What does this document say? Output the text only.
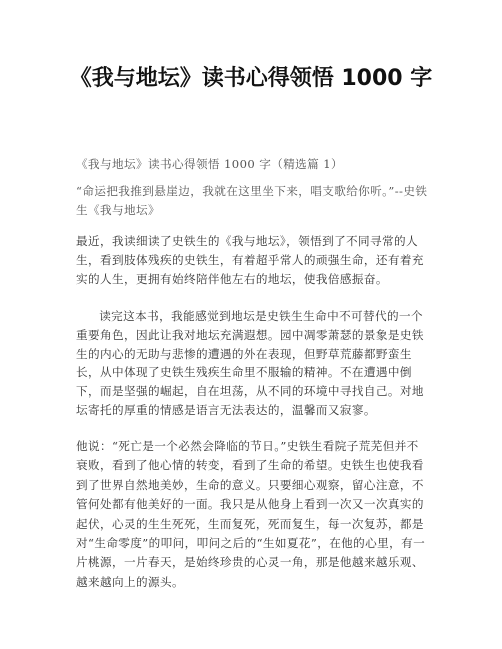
《我与地坛》读书心得领悟 1000 字
《我与地坛》读书心得领悟 1000 字（精选篇 1）
“命运把我推到悬崖边，我就在这里坐下来，唱支歌给你听。”--史铁生《我与地坛》
最近，我读细读了史铁生的《我与地坛》，领悟到了不同寻常的人生，看到肢体残疾的史铁生，有着超乎常人的顽强生命，还有着充实的人生，更拥有始终陪伴他左右的地坛，使我倍感振奋。
读完这本书，我能感觉到地坛是史铁生生命中不可替代的一个重要角色，因此让我对地坛充满遐想。园中凋零萧瑟的景象是史铁生的内心的无助与悲惨的遭遇的外在表现，但野草荒藤都野蛮生长，从中体现了史铁生残疾生命里不服输的精神。不在遭遇中倒下，而是坚强的崛起，自在坦荡，从不同的环境中寻找自己。对地坛寄托的厚重的情感是语言无法表达的，温馨而又寂寥。
他说：“死亡是一个必然会降临的节日。”史铁生看院子荒芜但并不衰败，看到了他心情的转变，看到了生命的希望。史铁生也使我看到了世界自然地美妙，生命的意义。只要细心观察，留心注意，不管何处都有他美好的一面。我只是从他身上看到一次又一次真实的起伏，心灵的生生死死，生而复死，死而复生，每一次复苏，都是对“生命零度”的叩问，叩问之后的“生如夏花”，在他的心里，有一片桃源，一片春天，是始终珍贵的心灵一角，那是他越来越乐观、越来越向上的源头。
